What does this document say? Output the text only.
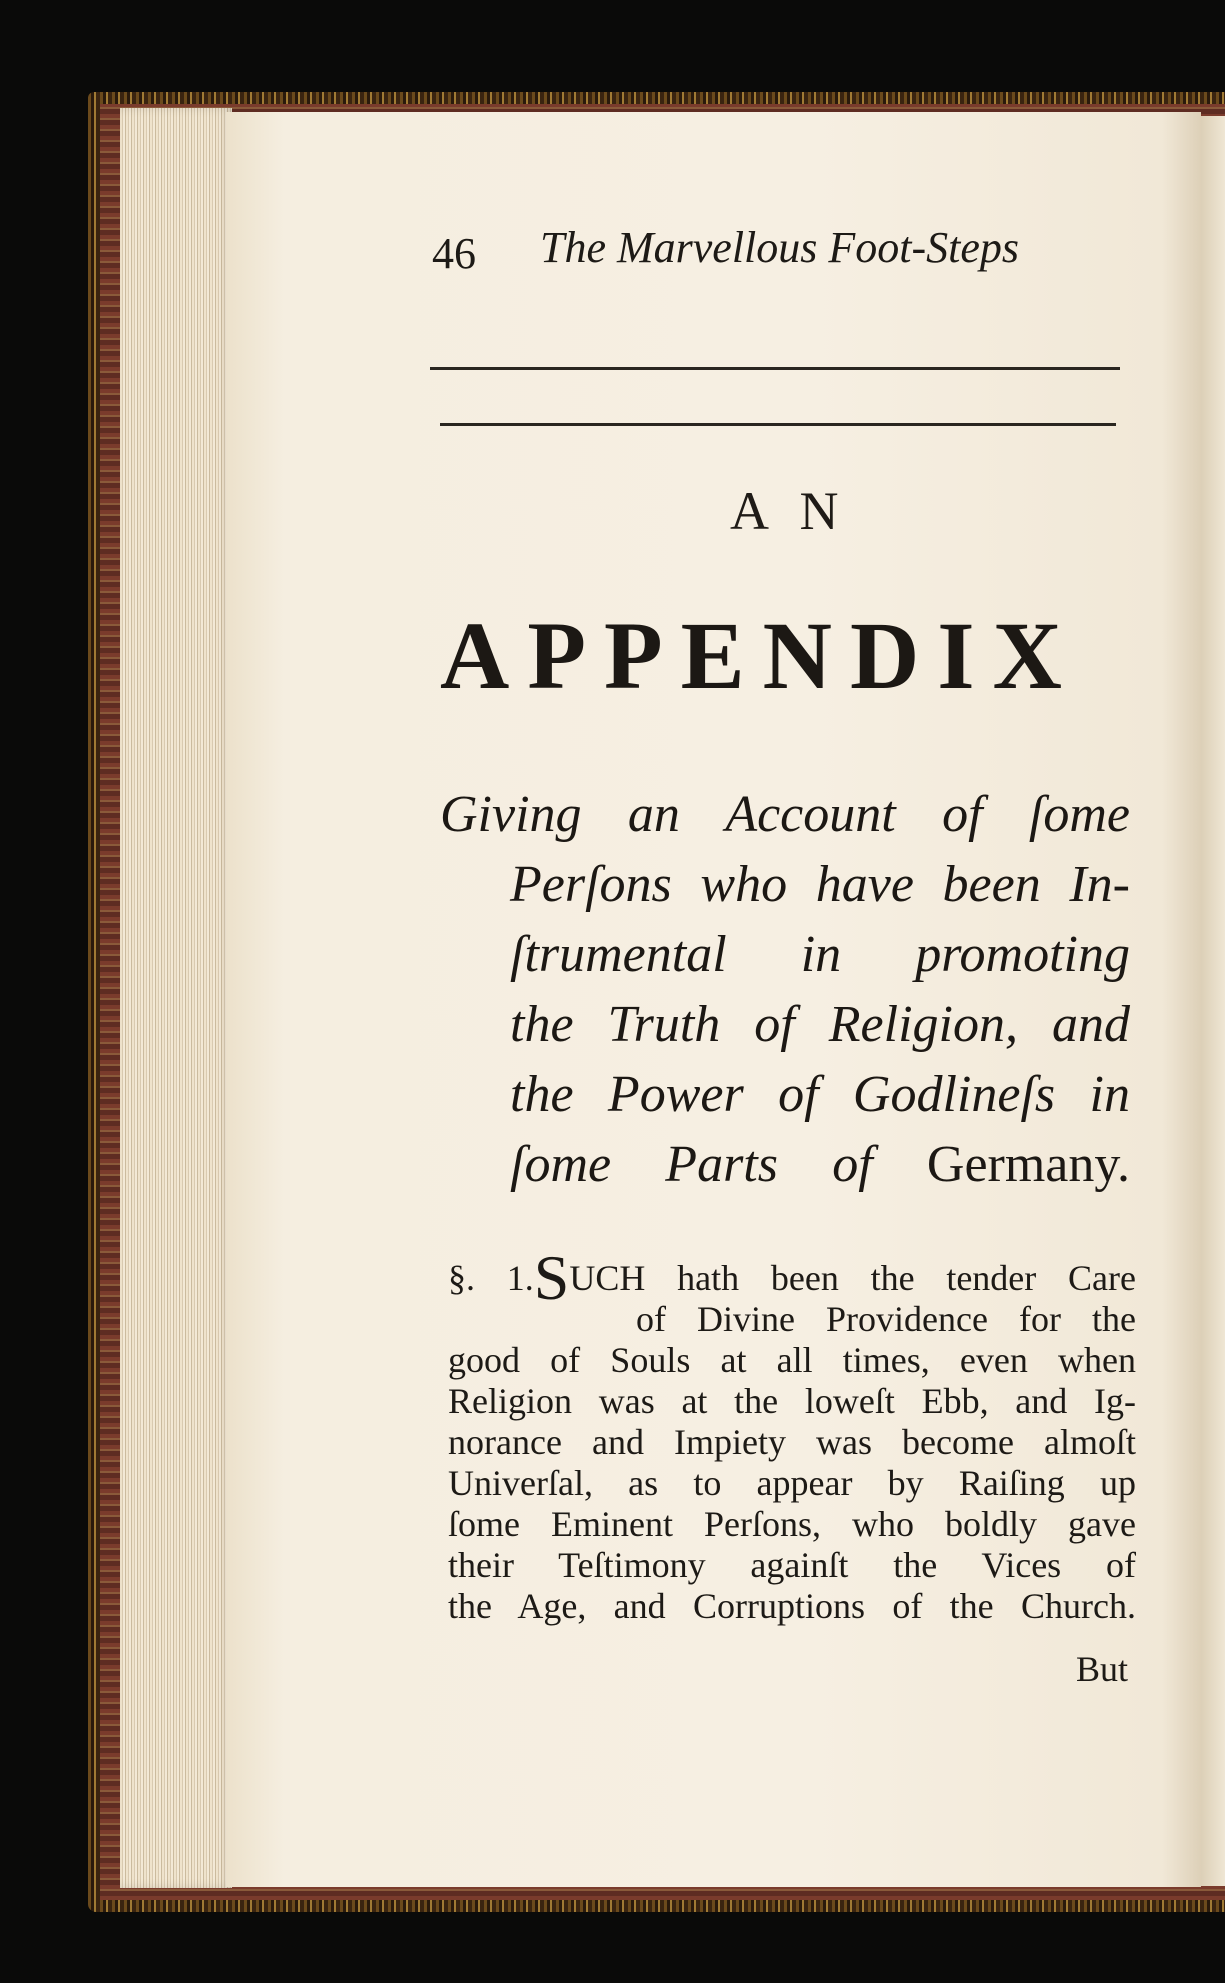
46 The Marvellous Foot-Steps
A N
APPENDIX
Giving an Account of ſome
Perſons who have been In-
ſtrumental in promoting
the Truth of Religion, and
the Power of Godlineſs in
ſome Parts of Germany.
§. 1.SUCH hath been the tender Care
of Divine Providence for the
good of Souls at all times, even when
Religion was at the loweſt Ebb, and Ig-
norance and Impiety was become almoſt
Univerſal, as to appear by Raiſing up
ſome Eminent Perſons, who boldly gave
their Teſtimony againſt the Vices of
the Age, and Corruptions of the Church.
But
